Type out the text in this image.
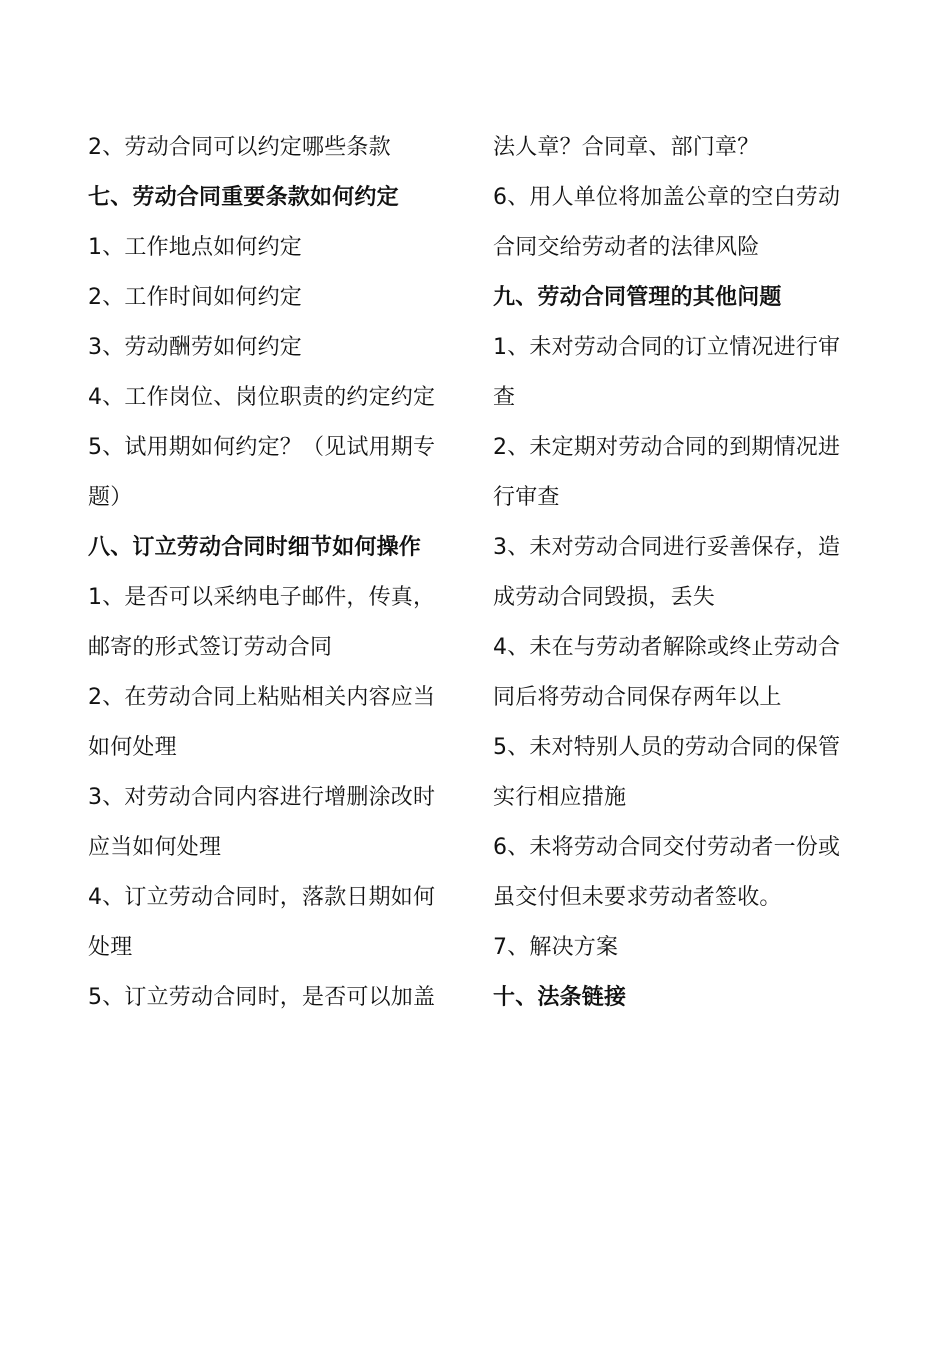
2、劳动合同可以约定哪些条款
七、劳动合同重要条款如何约定
1、工作地点如何约定
2、工作时间如何约定
3、劳动酬劳如何约定
4、工作岗位、岗位职责的约定约定
5、试用期如何约定？（见试用期专
题）
八、订立劳动合同时细节如何操作
1、是否可以采纳电子邮件，传真，
邮寄的形式签订劳动合同
2、在劳动合同上粘贴相关内容应当
如何处理
3、对劳动合同内容进行增删涂改时
应当如何处理
4、订立劳动合同时，落款日期如何
处理
5、订立劳动合同时，是否可以加盖
法人章？合同章、部门章？
6、用人单位将加盖公章的空白劳动
合同交给劳动者的法律风险
九、劳动合同管理的其他问题
1、未对劳动合同的订立情况进行审
查
2、未定期对劳动合同的到期情况进
行审查
3、未对劳动合同进行妥善保存，造
成劳动合同毁损，丢失
4、未在与劳动者解除或终止劳动合
同后将劳动合同保存两年以上
5、未对特别人员的劳动合同的保管
实行相应措施
6、未将劳动合同交付劳动者一份或
虽交付但未要求劳动者签收。
7、解决方案
十、法条链接
